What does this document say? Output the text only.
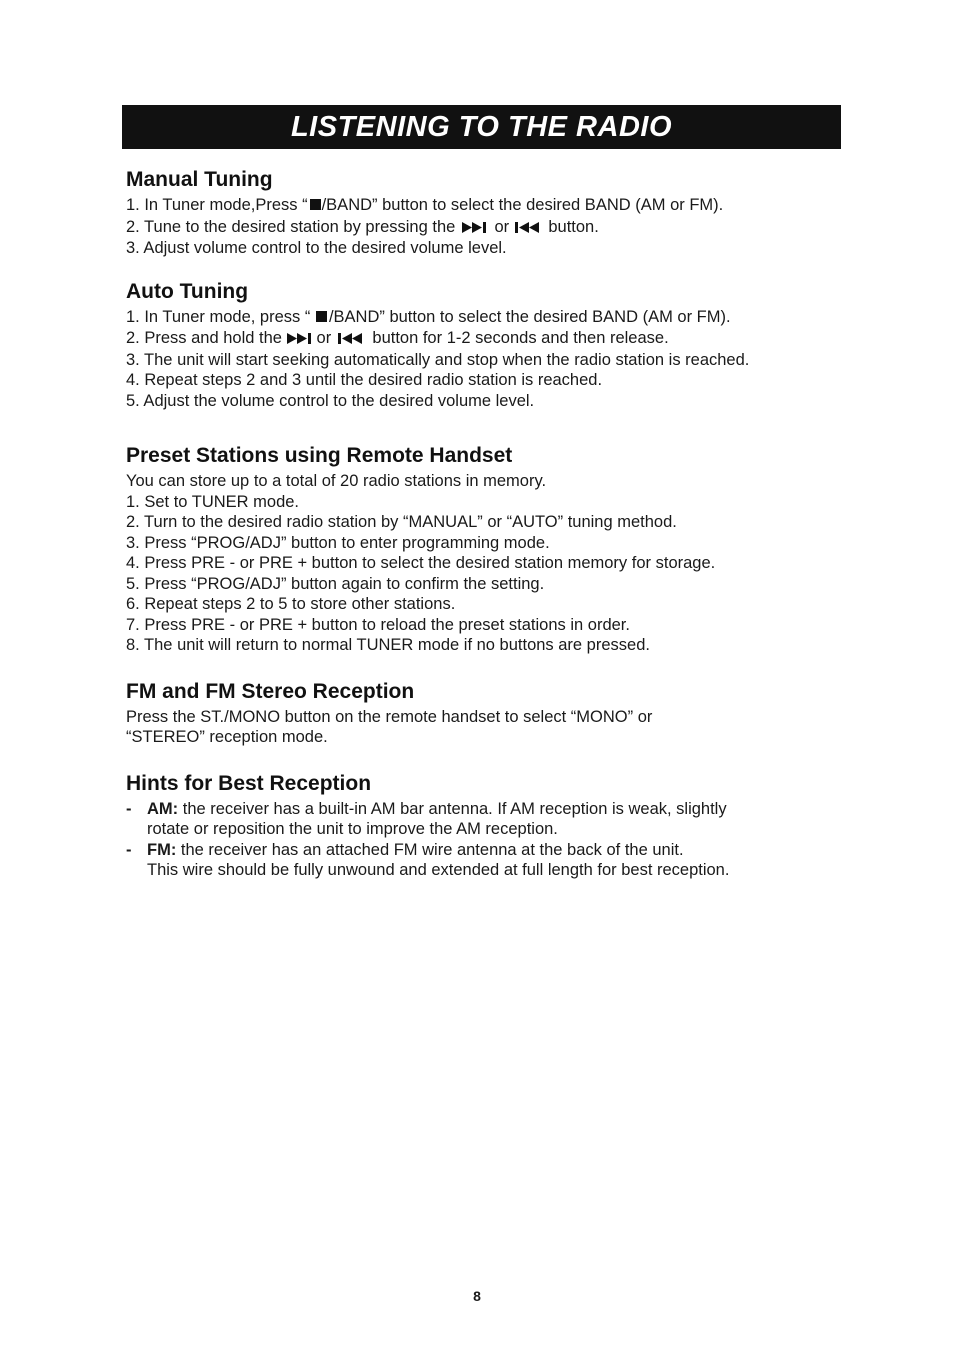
LISTENING TO THE RADIO
Manual Tuning

1. In Tuner mode,Press “ /BAND” button to select the desired BAND (AM or FM).

2. Tune to the desired station by pressing the or button.

3. Adjust volume control to the desired volume level.

Auto Tuning

1. In Tuner mode, press “ /BAND” button to select the desired BAND (AM or FM).

2. Press and hold the or button for 1-2 seconds and then release.

3. The unit will start seeking automatically and stop when the radio station is reached.

4. Repeat steps 2 and 3 until the desired radio station is reached.

5. Adjust the volume control to the desired volume level.

Preset Stations using Remote Handset

You can store up to a total of 20 radio stations in memory.

1. Set to TUNER mode.

2. Turn to the desired radio station by “MANUAL” or “AUTO” tuning method.

3. Press “PROG/ADJ” button to enter programming mode.

4. Press PRE - or PRE + button to select the desired station memory for storage.

5. Press “PROG/ADJ” button again to confirm the setting.

6. Repeat steps 2 to 5 to store other stations.

7. Press PRE - or PRE + button to reload the preset stations in order.

8. The unit will return to normal TUNER mode if no buttons are pressed.

FM and FM Stereo Reception

Press the ST./MONO button on the remote handset to select “MONO” or

“STEREO” reception mode.

Hints for Best Reception
- AM: the receiver has a built-in AM bar antenna. If AM reception is weak, slightly
rotate or reposition the unit to improve the AM reception.
- FM: the receiver has an attached FM wire antenna at the back of the unit.
This wire should be fully unwound and extended at full length for best reception.
8
